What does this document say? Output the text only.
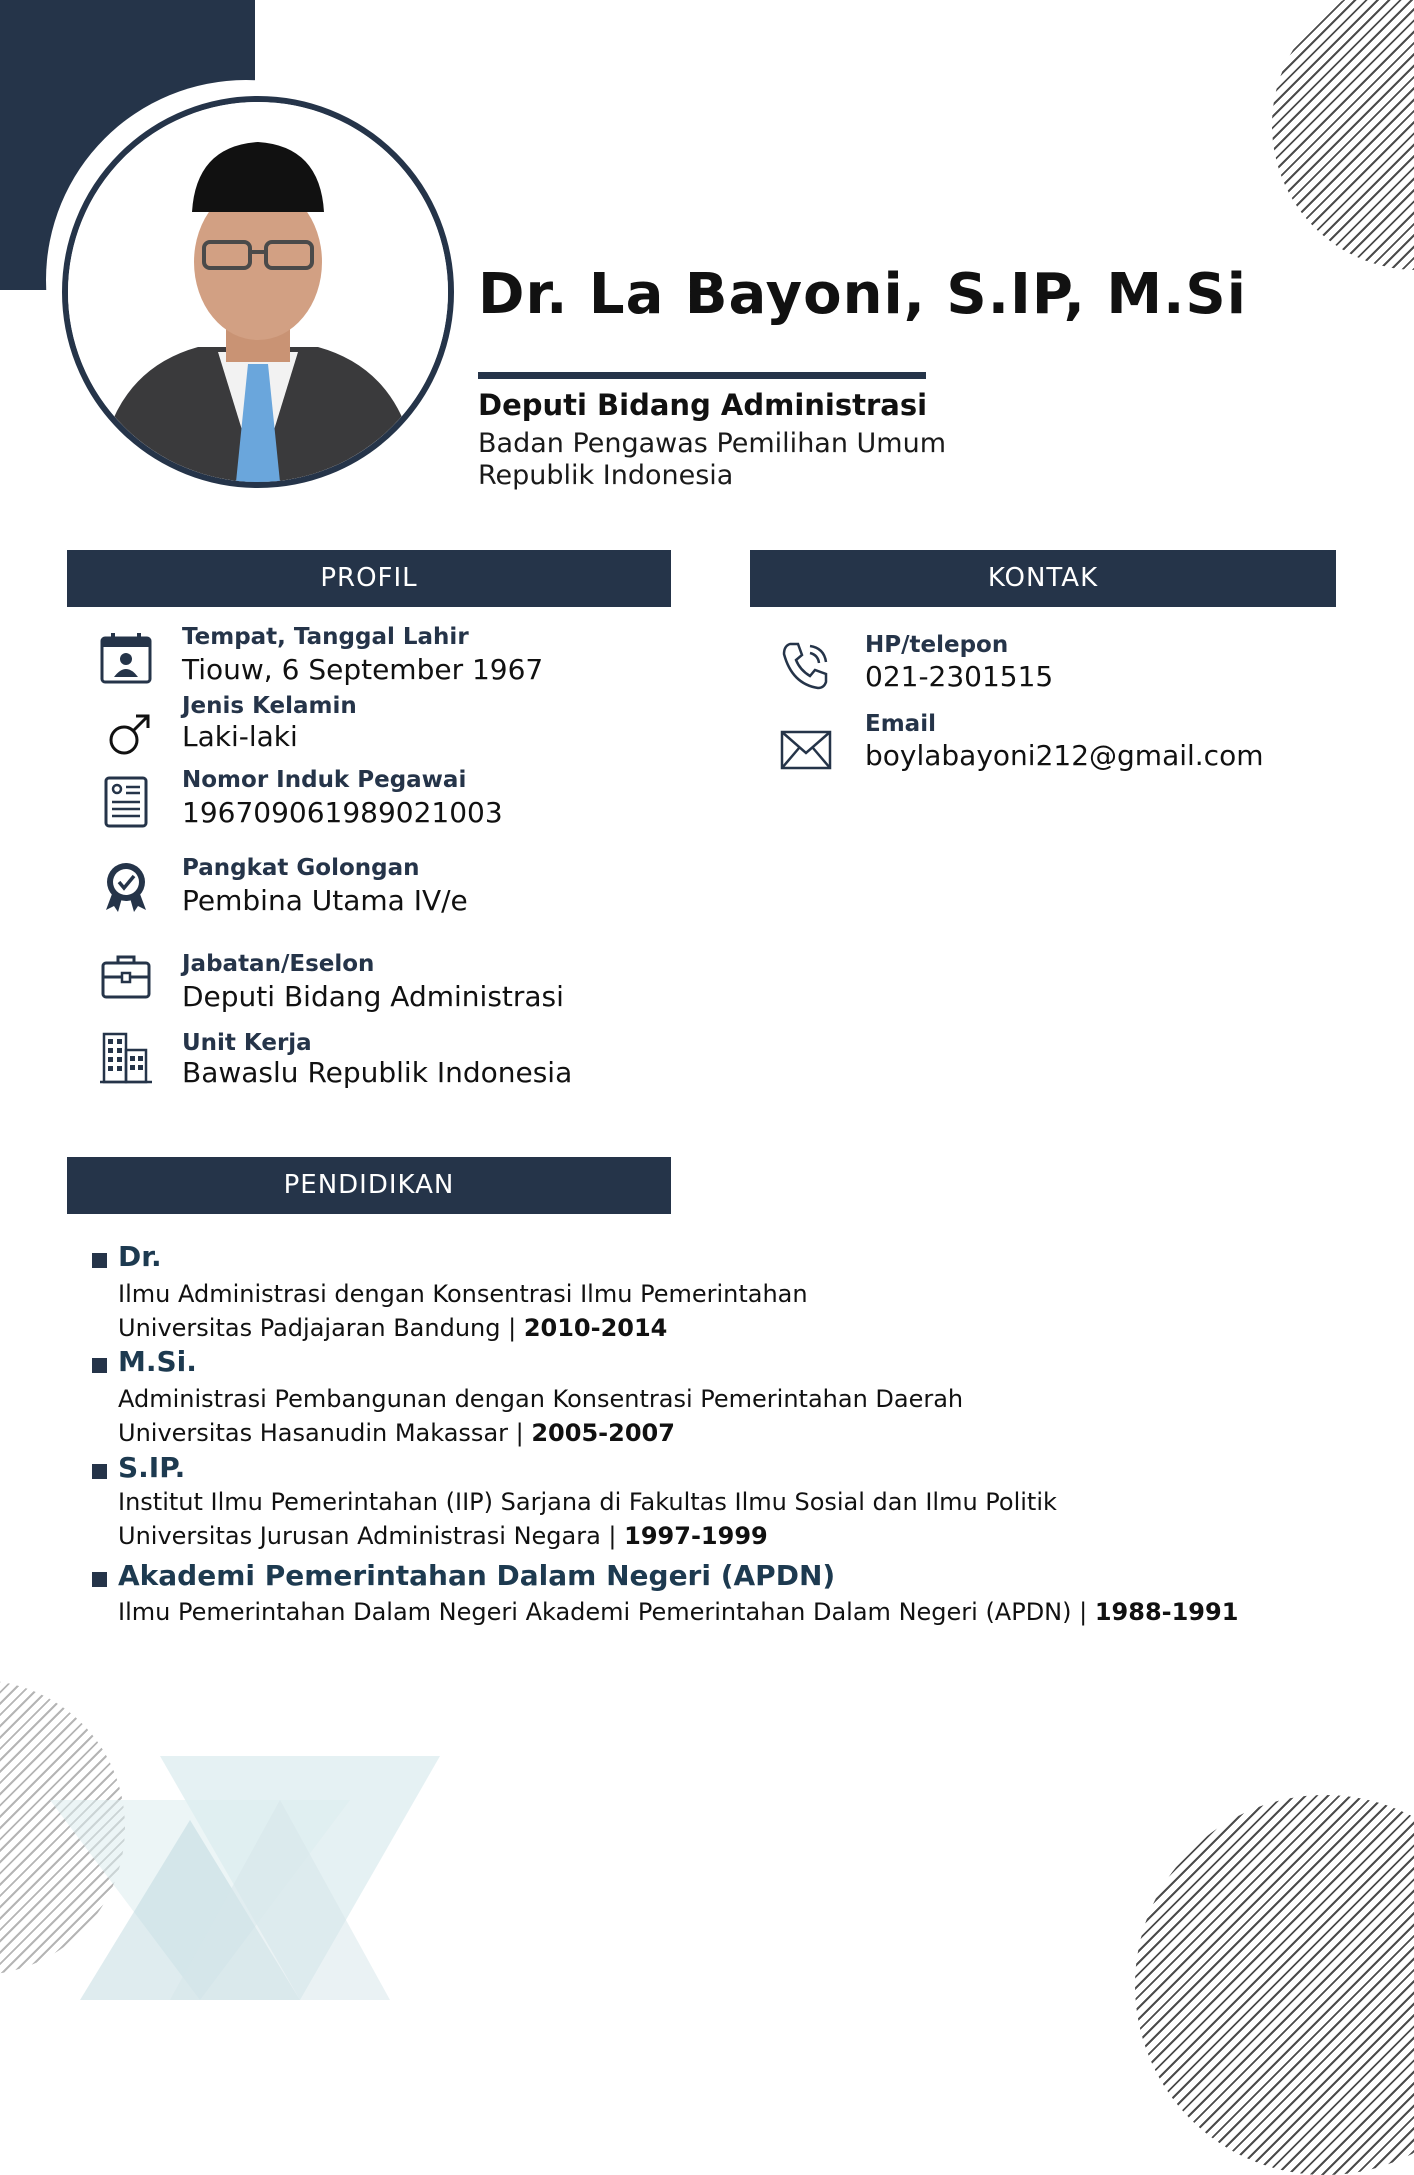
Dr. La Bayoni, S.IP, M.Si
Deputi Bidang Administrasi
Badan Pengawas Pemilihan Umum
Republik Indonesia
PROFIL
Tempat, Tanggal Lahir
Tiouw, 6 September 1967
Jenis Kelamin
Laki-laki
Nomor Induk Pegawai
196709061989021003
Pangkat Golongan
Pembina Utama IV/e
Jabatan/Eselon
Deputi Bidang Administrasi
Unit Kerja
Bawaslu Republik Indonesia
KONTAK
HP/telepon
021-2301515
Email
boylabayoni212@gmail.com
PENDIDIKAN
Dr.
Ilmu Administrasi dengan Konsentrasi Ilmu Pemerintahan
Universitas Padjajaran Bandung | 2010-2014
M.Si.
Administrasi Pembangunan dengan Konsentrasi Pemerintahan Daerah
Universitas Hasanudin Makassar | 2005-2007
S.IP.
Institut Ilmu Pemerintahan (IIP) Sarjana di Fakultas Ilmu Sosial dan Ilmu Politik
Universitas Jurusan Administrasi Negara | 1997-1999
Akademi Pemerintahan Dalam Negeri (APDN)
Ilmu Pemerintahan Dalam Negeri Akademi Pemerintahan Dalam Negeri (APDN) | 1988-1991
